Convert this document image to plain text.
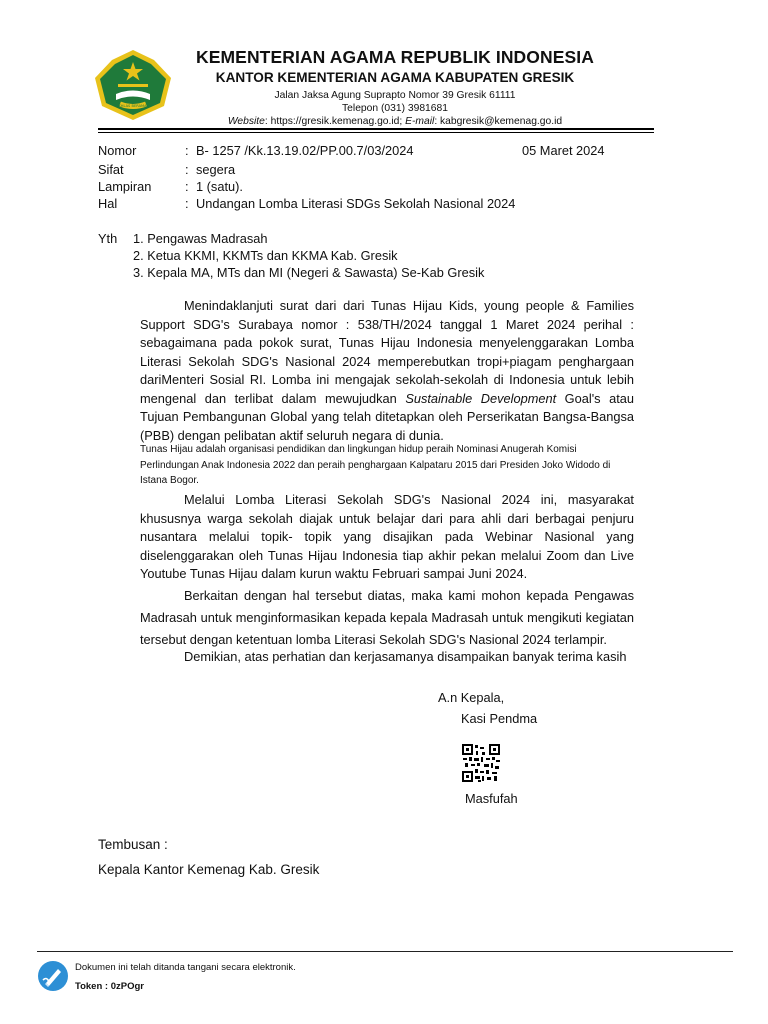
IKHLAS BERAMAL
KEMENTERIAN AGAMA REPUBLIK INDONESIA
KANTOR KEMENTERIAN AGAMA KABUPATEN GRESIK
Jalan Jaksa Agung Suprapto Nomor 39 Gresik 61111
Telepon (031) 3981681
Website: https://gresik.kemenag.go.id; E-mail: kabgresik@kemenag.go.id
Nomor	: B- 1257 /Kk.13.19.02/PP.00.7/03/2024	05 Maret 2024
Sifat	: segera
Lampiran	: 1 (satu).
Hal	: Undangan Lomba Literasi SDGs Sekolah Nasional 2024
Yth 1. Pengawas Madrasah
2. Ketua KKMI, KKMTs dan KKMA Kab. Gresik
3. Kepala MA, MTs dan MI (Negeri & Sawasta) Se-Kab Gresik
Menindaklanjuti surat dari dari Tunas Hijau Kids, young people & Families Support SDG's Surabaya nomor : 538/TH/2024 tanggal 1 Maret 2024 perihal : sebagaimana pada pokok surat, Tunas Hijau Indonesia menyelenggarakan Lomba Literasi Sekolah SDG's Nasional 2024 memperebutkan tropi+piagam penghargaan dariMenteri Sosial RI. Lomba ini mengajak sekolah-sekolah di Indonesia untuk lebih mengenal dan terlibat dalam mewujudkan Sustainable Development Goal's atau Tujuan Pembangunan Global yang telah ditetapkan oleh Perserikatan Bangsa-Bangsa (PBB) dengan pelibatan aktif seluruh negara di dunia.
Tunas Hijau adalah organisasi pendidikan dan lingkungan hidup peraih Nominasi Anugerah Komisi Perlindungan Anak Indonesia 2022 dan peraih penghargaan Kalpataru 2015 dari Presiden Joko Widodo di Istana Bogor.
Melalui Lomba Literasi Sekolah SDG's Nasional 2024 ini, masyarakat khususnya warga sekolah diajak untuk belajar dari para ahli dari berbagai penjuru nusantara melalui topik- topik yang disajikan pada Webinar Nasional yang diselenggarakan oleh Tunas Hijau Indonesia tiap akhir pekan melalui Zoom dan Live Youtube Tunas Hijau dalam kurun waktu Februari sampai Juni 2024.
Berkaitan dengan hal tersebut diatas, maka kami mohon kepada Pengawas Madrasah untuk menginformasikan kepada kepala Madrasah untuk mengikuti kegiatan tersebut dengan ketentuan lomba Literasi Sekolah SDG's Nasional 2024 terlampir.
Demikian, atas perhatian dan kerjasamanya disampaikan banyak terima kasih
A.n Kepala,
Kasi Pendma
Masfufah
Tembusan :
Kepala Kantor Kemenag Kab. Gresik
Dokumen ini telah ditanda tangani secara elektronik.
Token : 0zPOgr
